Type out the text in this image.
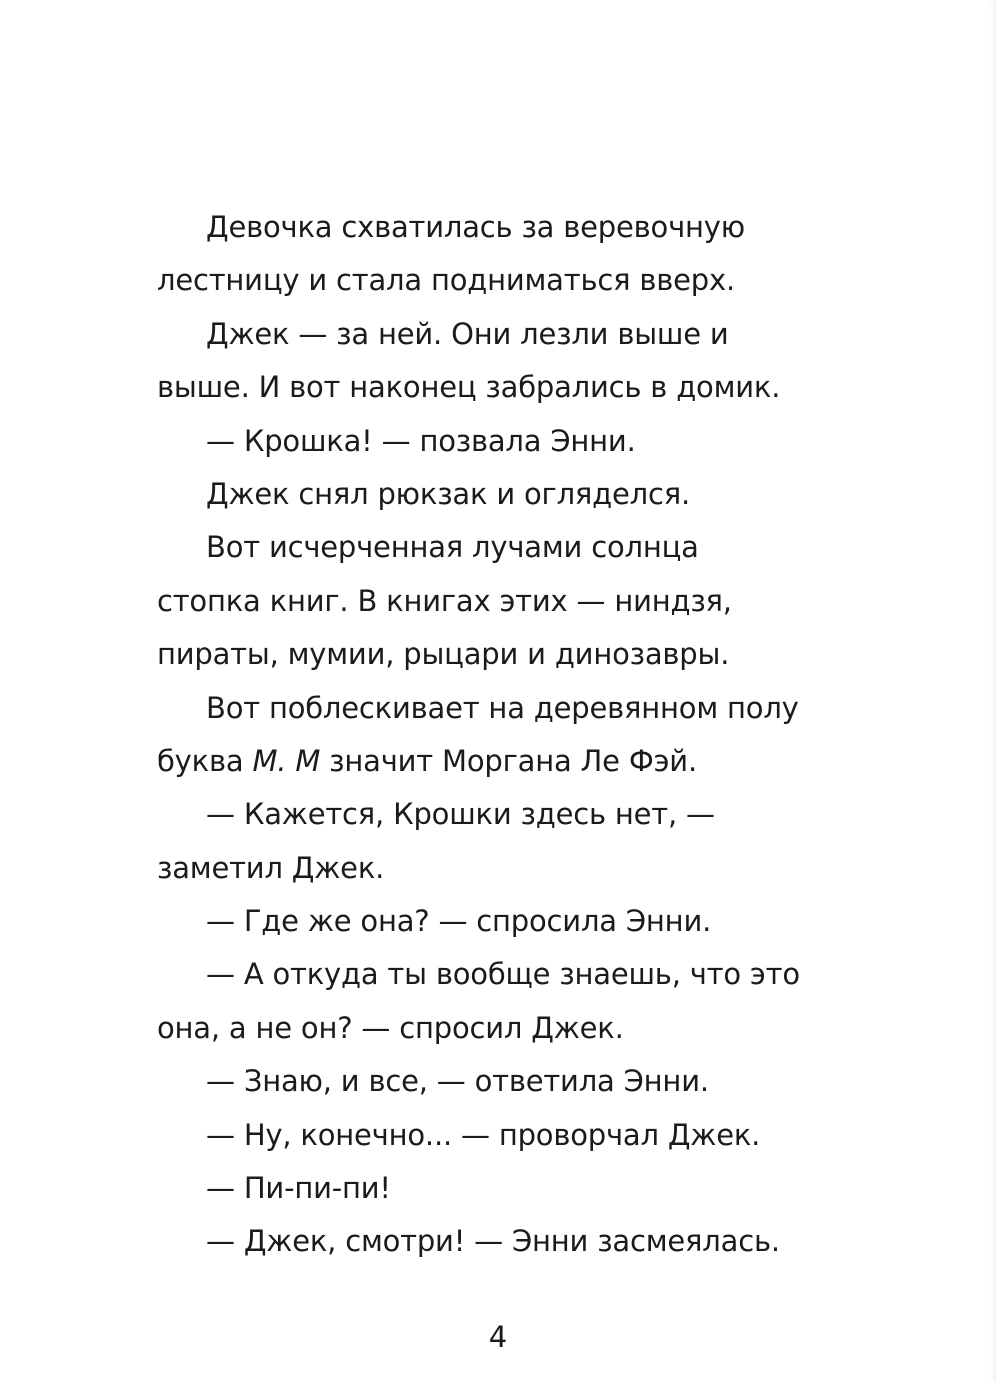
Девочка схватилась за веревочную
лестницу и стала подниматься вверх.
Джек — за ней. Они лезли выше и
выше. И вот наконец забрались в домик.
— Крошка! — позвала Энни.
Джек снял рюкзак и огляделся.
Вот исчерченная лучами солнца
стопка книг. В книгах этих — ниндзя,
пираты, мумии, рыцари и динозавры.
Вот поблескивает на деревянном полу
буква М. М значит Моргана Ле Фэй.
— Кажется, Крошки здесь нет, —
заметил Джек.
— Где же она? — спросила Энни.
— А откуда ты вообще знаешь, что это
она, а не он? — спросил Джек.
— Знаю, и все, — ответила Энни.
— Ну, конечно... — проворчал Джек.
— Пи-пи-пи!
— Джек, смотри! — Энни засмеялась.
4
